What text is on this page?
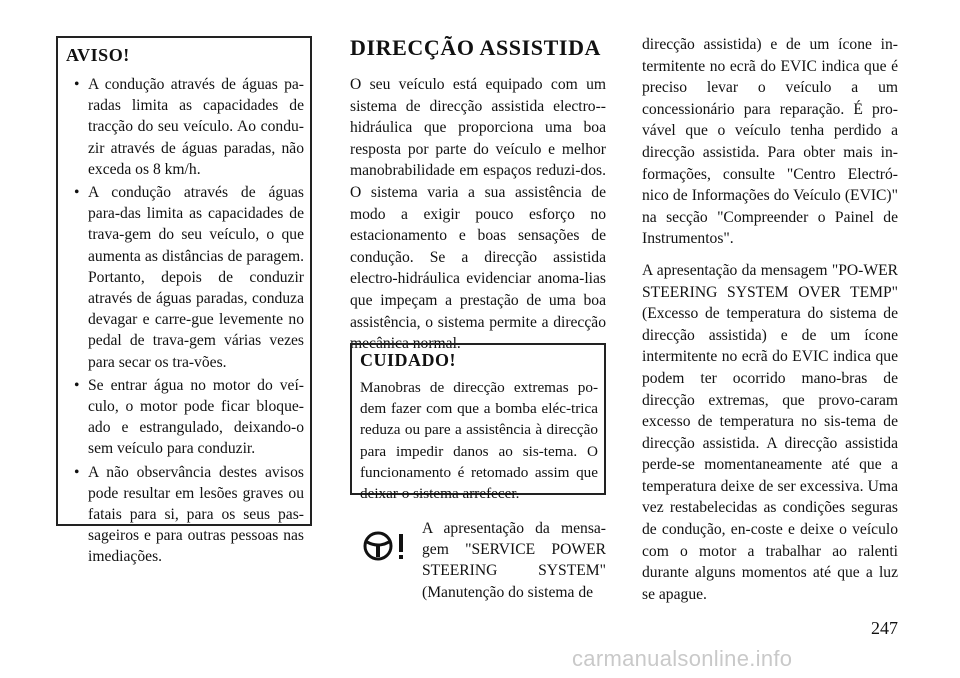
AVISO!
• A condução através de águas pa-radas limita as capacidades de tracção do seu veículo. Ao condu-zir através de águas paradas, não exceda os 8 km/h.
• A condução através de águas para-das limita as capacidades de trava-gem do seu veículo, o que aumenta as distâncias de paragem. Portanto, depois de conduzir através de águas paradas, conduza devagar e carre-gue levemente no pedal de trava-gem várias vezes para secar os tra-vões.
• Se entrar água no motor do veí-culo, o motor pode ficar bloque-ado e estrangulado, deixando-o sem veículo para conduzir.
• A não observância destes avisos pode resultar em lesões graves ou fatais para si, para os seus pas-sageiros e para outras pessoas nas imediações.
DIRECÇÃO ASSISTIDA

O seu veículo está equipado com um sistema de direcção assistida electro--hidráulica que proporciona uma boa resposta por parte do veículo e melhor manobrabilidade em espaços reduzi-dos. O sistema varia a sua assistência de modo a exigir pouco esforço no estacionamento e boas sensações de condução. Se a direcção assistida electro-hidráulica evidenciar anoma-lias que impeçam a prestação de uma boa assistência, o sistema permite a direcção mecânica normal.

CUIDADO!

Manobras de direcção extremas po-dem fazer com que a bomba eléc-trica reduza ou pare a assistência à direcção para impedir danos ao sis-tema. O funcionamento é retomado assim que deixar o sistema arrefecer.

A apresentação da mensa-gem "SERVICE POWER STEERING SYSTEM" (Manutenção do sistema de

direcção assistida) e de um ícone in-termitente no ecrã do EVIC indica que é preciso levar o veículo a um concessionário para reparação. É pro-vável que o veículo tenha perdido a direcção assistida. Para obter mais in-formações, consulte "Centro Electró-nico de Informações do Veículo (EVIC)" na secção "Compreender o Painel de Instrumentos".

A apresentação da mensagem "PO-WER STEERING SYSTEM OVER TEMP" (Excesso de temperatura do sistema de direcção assistida) e de um ícone intermitente no ecrã do EVIC indica que podem ter ocorrido mano-bras de direcção extremas, que provo-caram excesso de temperatura no sis-tema de direcção assistida. A direcção assistida perde-se momentaneamente até que a temperatura deixe de ser excessiva. Uma vez restabelecidas as condições seguras de condução, en-coste e deixe o veículo com o motor a trabalhar ao ralenti durante alguns momentos até que a luz se apague.

247
carmanualsonline.info
